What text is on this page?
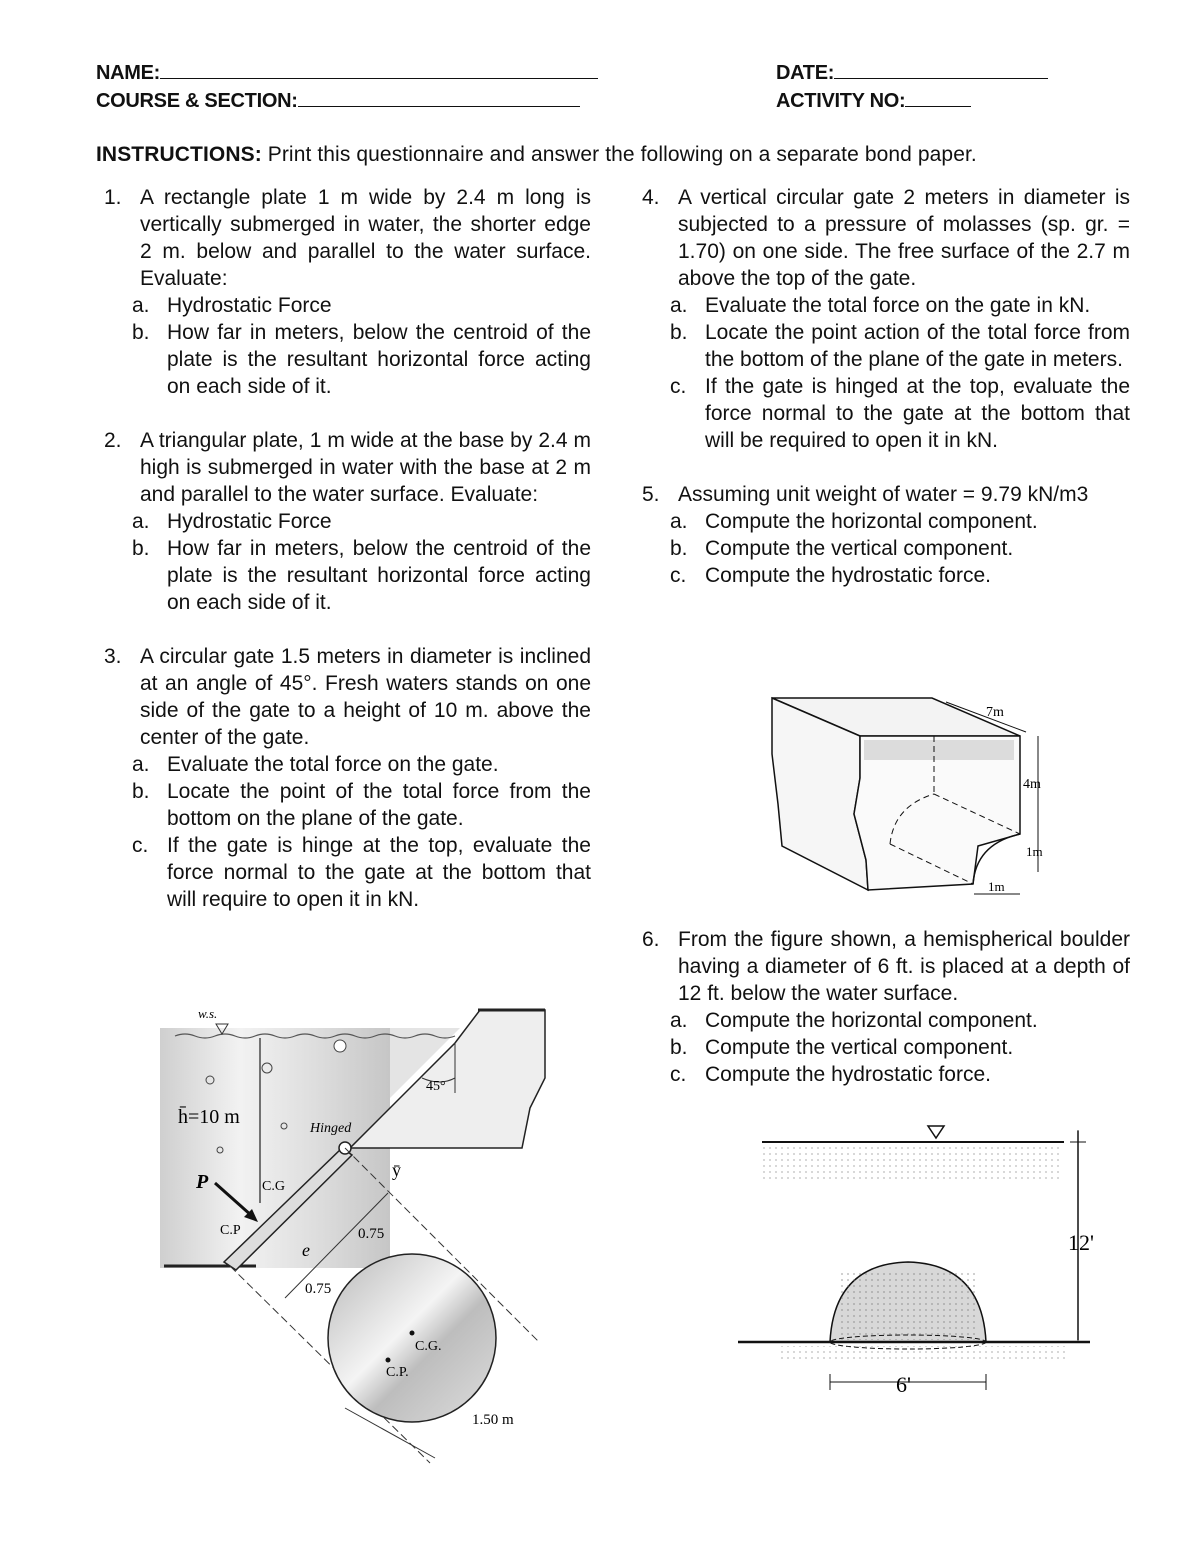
NAME:	DATE:
COURSE & SECTION:	ACTIVITY NO:
INSTRUCTIONS: Print this questionnaire and answer the following on a separate bond paper.
1. A rectangle plate 1 m wide by 2.4 m long is vertically submerged in water, the shorter edge 2 m. below and parallel to the water surface. Evaluate:
a. Hydrostatic Force
b. How far in meters, below the centroid of the plate is the resultant horizontal force acting on each side of it.
2. A triangular plate, 1 m wide at the base by 2.4 m high is submerged in water with the base at 2 m and parallel to the water surface. Evaluate:
a. Hydrostatic Force
b. How far in meters, below the centroid of the plate is the resultant horizontal force acting on each side of it.
3. A circular gate 1.5 meters in diameter is inclined at an angle of 45°. Fresh waters stands on one side of the gate to a height of 10 m. above the center of the gate.
a. Evaluate the total force on the gate.
b. Locate the point of the total force from the bottom on the plane of the gate.
c. If the gate is hinge at the top, evaluate the force normal to the gate at the bottom that will require to open it in kN.
4. A vertical circular gate 2 meters in diameter is subjected to a pressure of molasses (sp. gr. = 1.70) on one side. The free surface of the 2.7 m above the top of the gate.
a. Evaluate the total force on the gate in kN.
b. Locate the point action of the total force from the bottom of the plane of the gate in meters.
c. If the gate is hinged at the top, evaluate the force normal to the gate at the bottom that will be required to open it in kN.
5. Assuming unit weight of water = 9.79 kN/m3
a. Compute the horizontal component.
b. Compute the vertical component.
c. Compute the hydrostatic force.
6. From the figure shown, a hemispherical boulder having a diameter of 6 ft. is placed at a depth of 12 ft. below the water surface.
a. Compute the horizontal component.
b. Compute the vertical component.
c. Compute the hydrostatic force.
w.s.
45°
h̄=10 m
Hinged
P	C.G
C.P
ȳ
e
0.75
0.75
C.G.
C.P.
1.50 m
7m
4m
1m
1m
12'
6'
